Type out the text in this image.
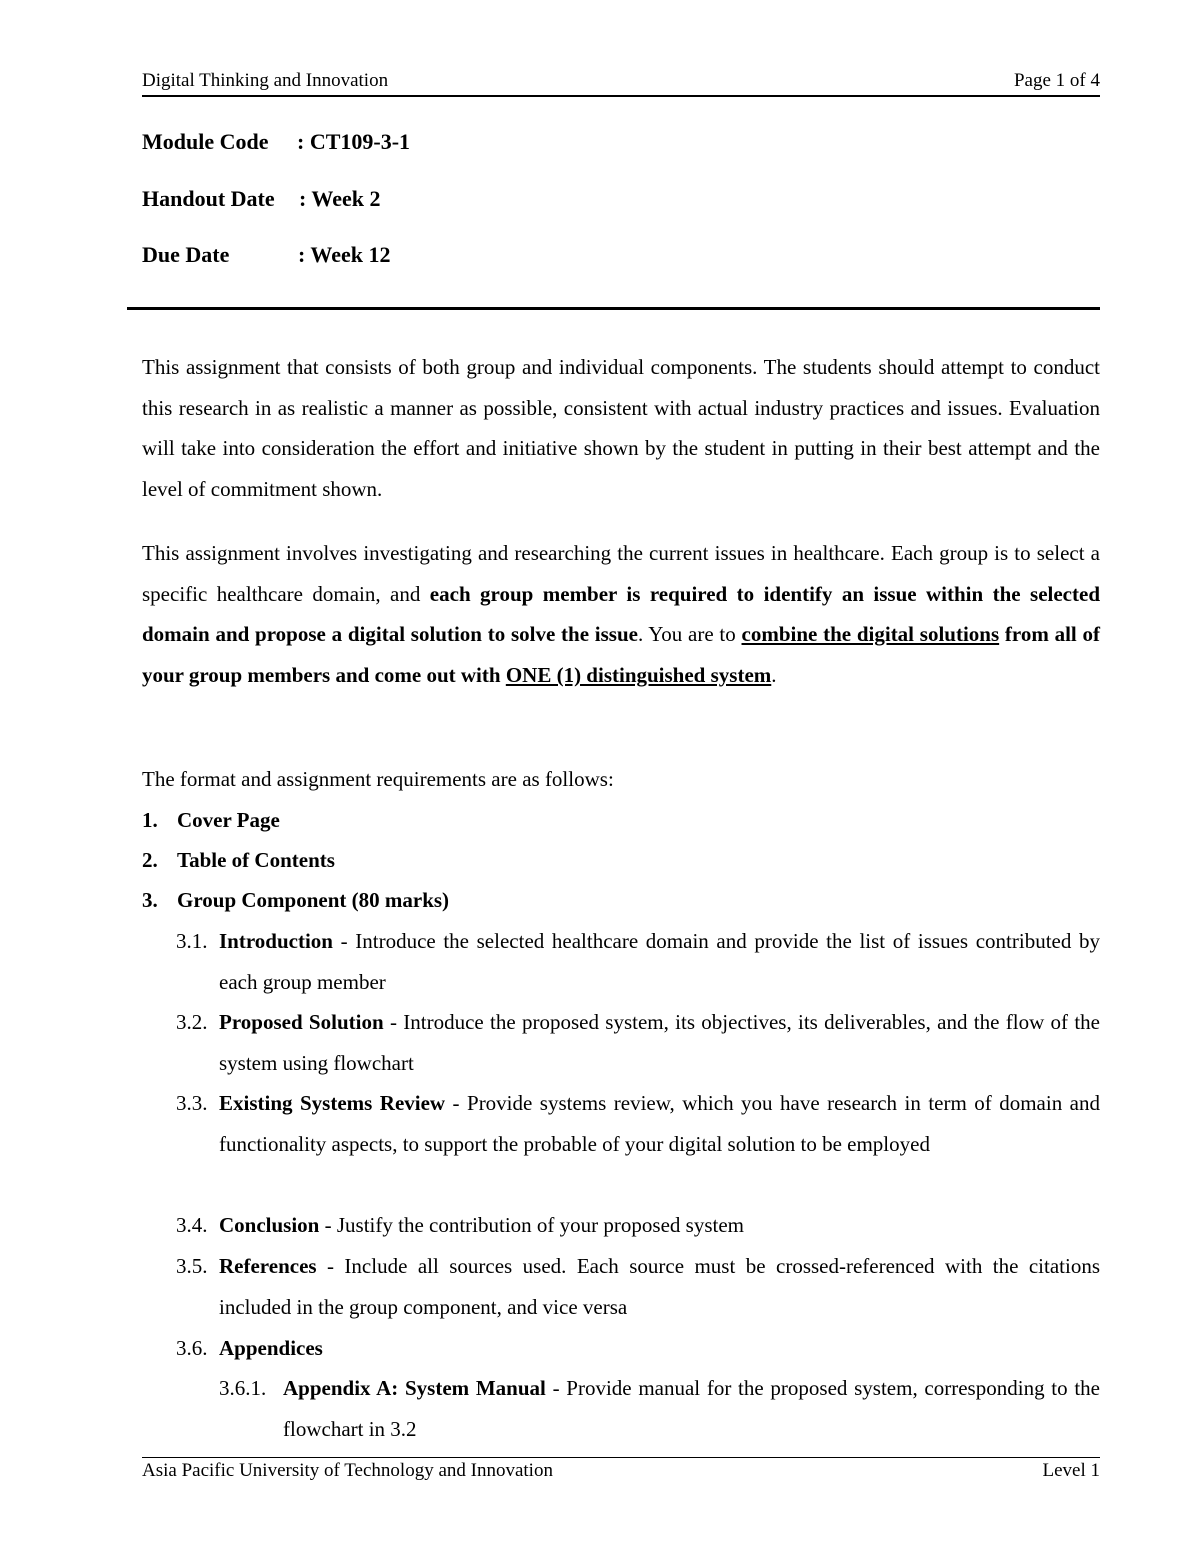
Digital Thinking and Innovation	Page 1 of 4
Module Code : CT109-3-1
Handout Date : Week 2
Due Date	: Week 12
This assignment that consists of both group and individual components. The students should attempt to conduct this research in as realistic a manner as possible, consistent with actual industry practices and issues. Evaluation will take into consideration the effort and initiative shown by the student in putting in their best attempt and the level of commitment shown.
This assignment involves investigating and researching the current issues in healthcare. Each group is to select a specific healthcare domain, and each group member is required to identify an issue within the selected domain and propose a digital solution to solve the issue. You are to combine the digital solutions from all of your group members and come out with ONE (1) distinguished system.
The format and assignment requirements are as follows:
1. Cover Page
2. Table of Contents
3. Group Component (80 marks)
3.1. Introduction - Introduce the selected healthcare domain and provide the list of issues contributed by each group member
3.2. Proposed Solution - Introduce the proposed system, its objectives, its deliverables, and the flow of the system using flowchart
3.3. Existing Systems Review - Provide systems review, which you have research in term of domain and functionality aspects, to support the probable of your digital solution to be employed
3.4. Conclusion - Justify the contribution of your proposed system
3.5. References - Include all sources used. Each source must be crossed-referenced with the citations included in the group component, and vice versa
3.6. Appendices
3.6.1. Appendix A: System Manual - Provide manual for the proposed system, corresponding to the flowchart in 3.2
Asia Pacific University of Technology and Innovation	Level 1
